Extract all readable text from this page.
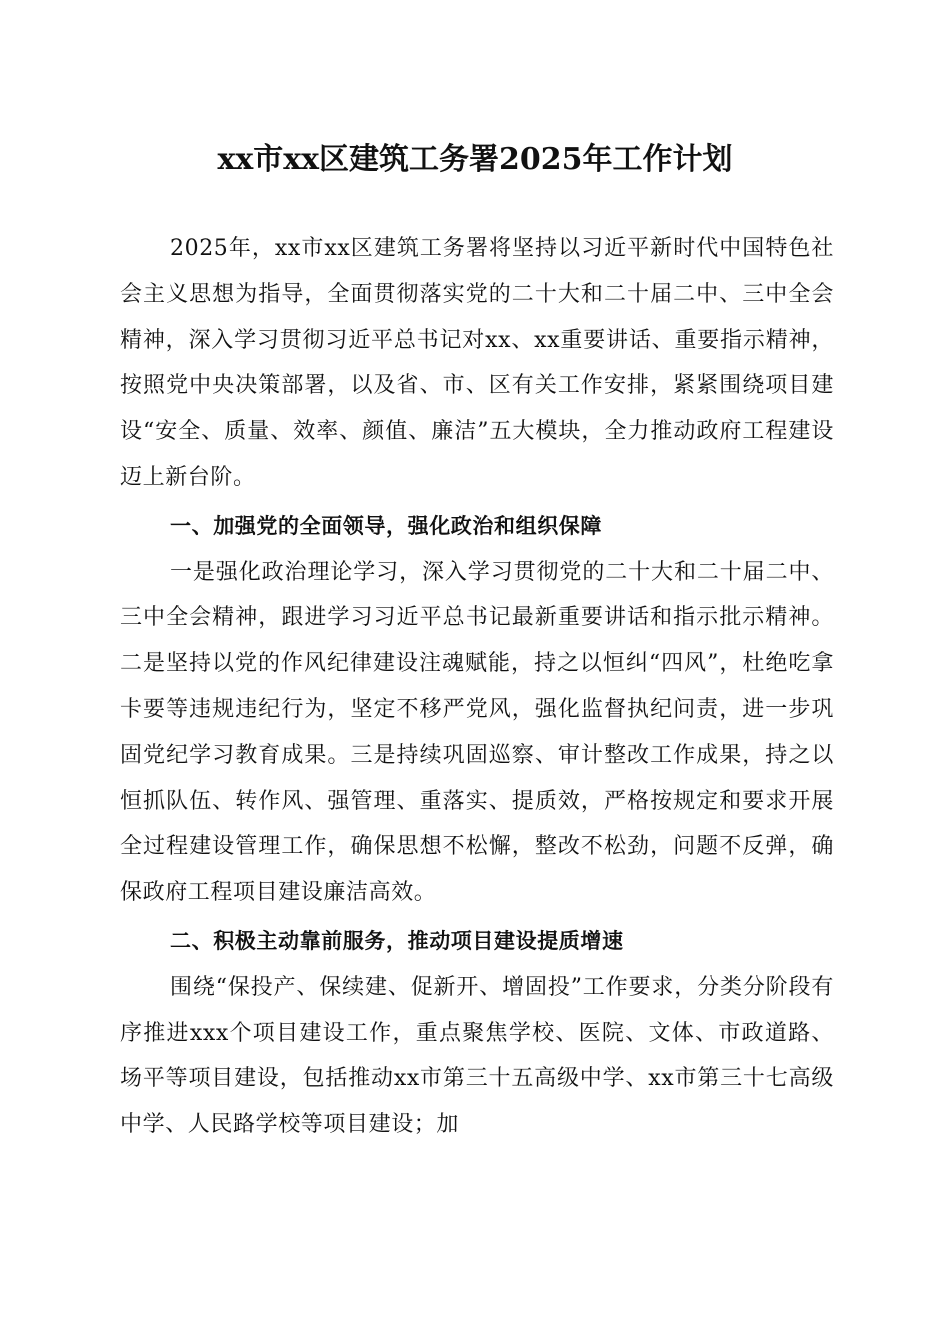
xx市xx区建筑工务署2025年工作计划

2025年，xx市xx区建筑工务署将坚持以习近平新时代中国特色社会主义思想为指导，全面贯彻落实党的二十大和二十届二中、三中全会精神，深入学习贯彻习近平总书记对xx、xx重要讲话、重要指示精神，按照党中央决策部署，以及省、市、区有关工作安排，紧紧围绕项目建设“安全、质量、效率、颜值、廉洁”五大模块，全力推动政府工程建设迈上新台阶。

一、加强党的全面领导，强化政治和组织保障

一是强化政治理论学习，深入学习贯彻党的二十大和二十届二中、三中全会精神，跟进学习习近平总书记最新重要讲话和指示批示精神。二是坚持以党的作风纪律建设注魂赋能，持之以恒纠“四风”，杜绝吃拿卡要等违规违纪行为，坚定不移严党风，强化监督执纪问责，进一步巩固党纪学习教育成果。三是持续巩固巡察、审计整改工作成果，持之以恒抓队伍、转作风、强管理、重落实、提质效，严格按规定和要求开展全过程建设管理工作，确保思想不松懈，整改不松劲，问题不反弹，确保政府工程项目建设廉洁高效。

二、积极主动靠前服务，推动项目建设提质增速

围绕“保投产、保续建、促新开、增固投”工作要求，分类分阶段有序推进xxx个项目建设工作，重点聚焦学校、医院、文体、市政道路、场平等项目建设，包括推动xx市第三十五高级中学、xx市第三十七高级中学、人民路学校等项目建设；加
